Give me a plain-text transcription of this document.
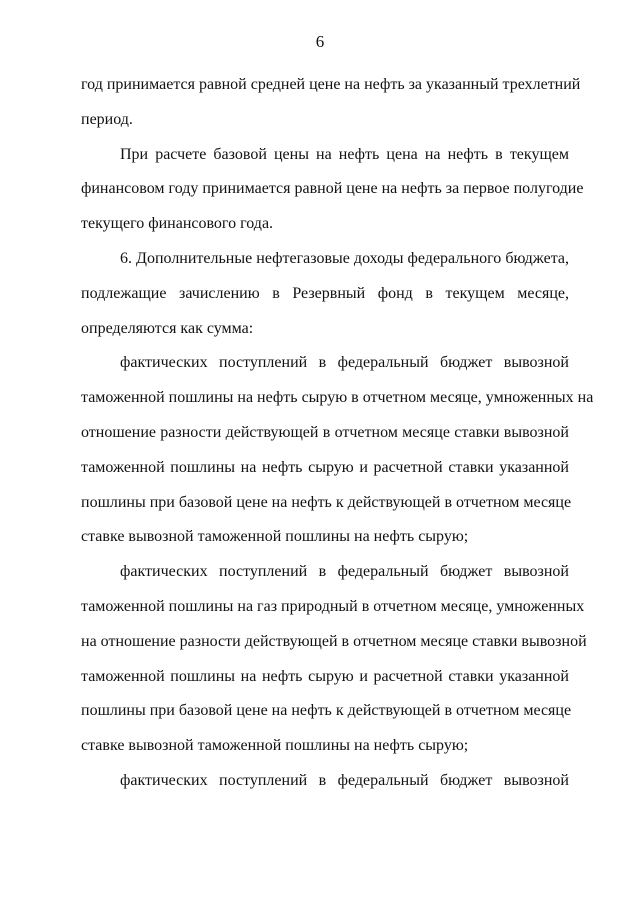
6
год принимается равной средней цене на нефть за указанный трехлетний
период.
При расчете базовой цены на нефть цена на нефть в текущем
финансовом году принимается равной цене на нефть за первое полугодие
текущего финансового года.
6. Дополнительные нефтегазовые доходы федерального бюджета,
подлежащие зачислению в Резервный фонд в текущем месяце,
определяются как сумма:
фактических поступлений в федеральный бюджет вывозной
таможенной пошлины на нефть сырую в отчетном месяце, умноженных на
отношение разности действующей в отчетном месяце ставки вывозной
таможенной пошлины на нефть сырую и расчетной ставки указанной
пошлины при базовой цене на нефть к действующей в отчетном месяце
ставке вывозной таможенной пошлины на нефть сырую;
фактических поступлений в федеральный бюджет вывозной
таможенной пошлины на газ природный в отчетном месяце, умноженных
на отношение разности действующей в отчетном месяце ставки вывозной
таможенной пошлины на нефть сырую и расчетной ставки указанной
пошлины при базовой цене на нефть к действующей в отчетном месяце
ставке вывозной таможенной пошлины на нефть сырую;
фактических поступлений в федеральный бюджет вывозной
